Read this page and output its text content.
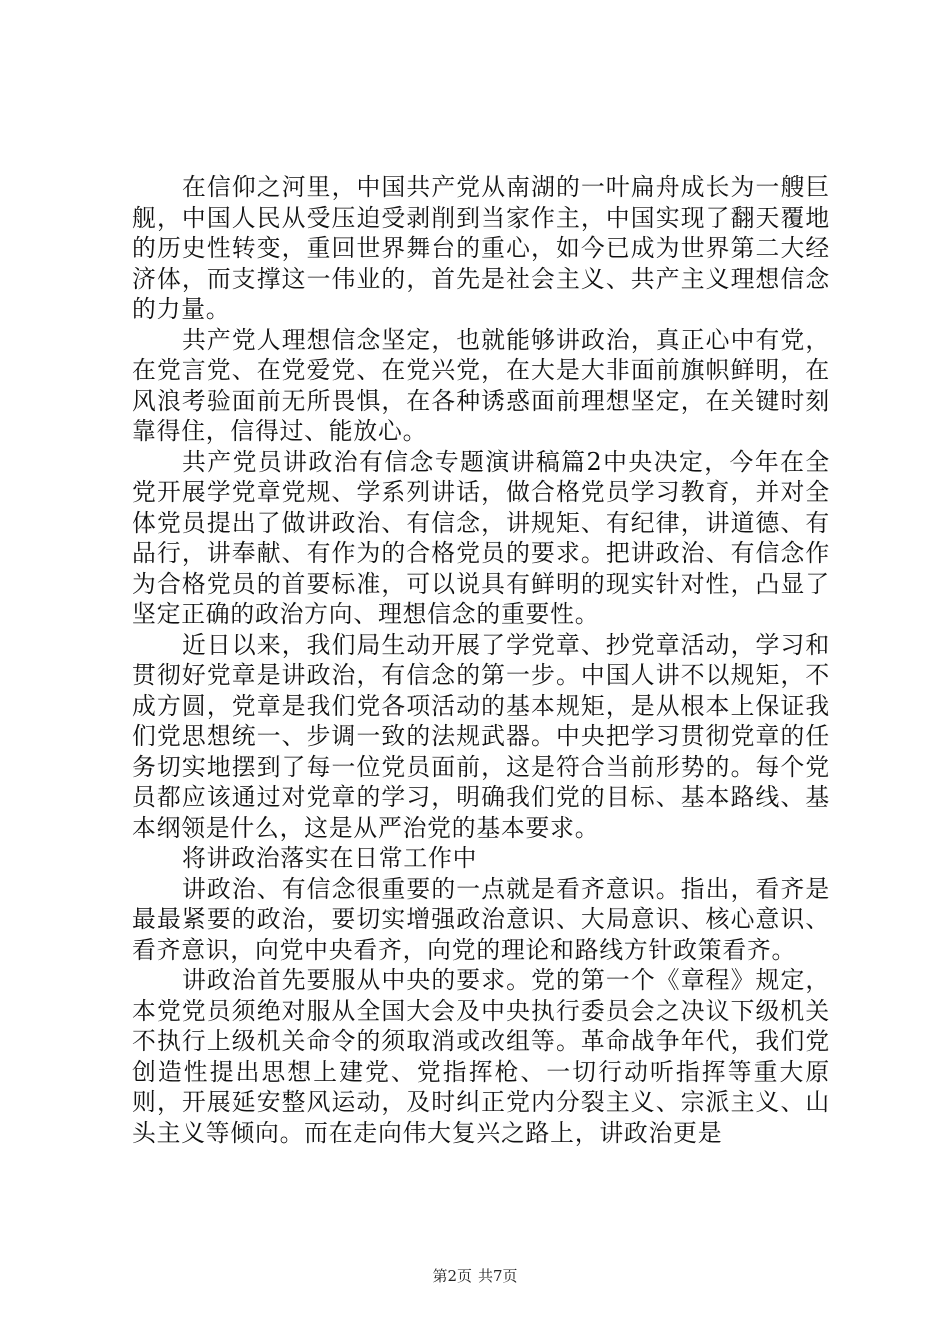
在信仰之河里，中国共产党从南湖的一叶扁舟成长为一艘巨舰，中国人民从受压迫受剥削到当家作主，中国实现了翻天覆地的历史性转变，重回世界舞台的重心，如今已成为世界第二大经济体，而支撑这一伟业的，首先是社会主义、共产主义理想信念的力量。

共产党人理想信念坚定，也就能够讲政治，真正心中有党，在党言党、在党爱党、在党兴党，在大是大非面前旗帜鲜明，在风浪考验面前无所畏惧，在各种诱惑面前理想坚定，在关键时刻靠得住，信得过、能放心。

共产党员讲政治有信念专题演讲稿篇2中央决定，今年在全党开展学党章党规、学系列讲话，做合格党员学习教育，并对全体党员提出了做讲政治、有信念，讲规矩、有纪律，讲道德、有品行，讲奉献、有作为的合格党员的要求。把讲政治、有信念作为合格党员的首要标准，可以说具有鲜明的现实针对性，凸显了坚定正确的政治方向、理想信念的重要性。

近日以来，我们局生动开展了学党章、抄党章活动，学习和贯彻好党章是讲政治，有信念的第一步。中国人讲不以规矩，不成方圆，党章是我们党各项活动的基本规矩，是从根本上保证我们党思想统一、步调一致的法规武器。中央把学习贯彻党章的任务切实地摆到了每一位党员面前，这是符合当前形势的。每个党员都应该通过对党章的学习，明确我们党的目标、基本路线、基本纲领是什么，这是从严治党的基本要求。

将讲政治落实在日常工作中

讲政治、有信念很重要的一点就是看齐意识。指出，看齐是最最紧要的政治，要切实增强政治意识、大局意识、核心意识、看齐意识，向党中央看齐，向党的理论和路线方针政策看齐。

讲政治首先要服从中央的要求。党的第一个《章程》规定，本党党员须绝对服从全国大会及中央执行委员会之决议下级机关不执行上级机关命令的须取消或改组等。革命战争年代，我们党创造性提出思想上建党、党指挥枪、一切行动听指挥等重大原则，开展延安整风运动，及时纠正党内分裂主义、宗派主义、山头主义等倾向。而在走向伟大复兴之路上，讲政治更是

第2页 共7页
